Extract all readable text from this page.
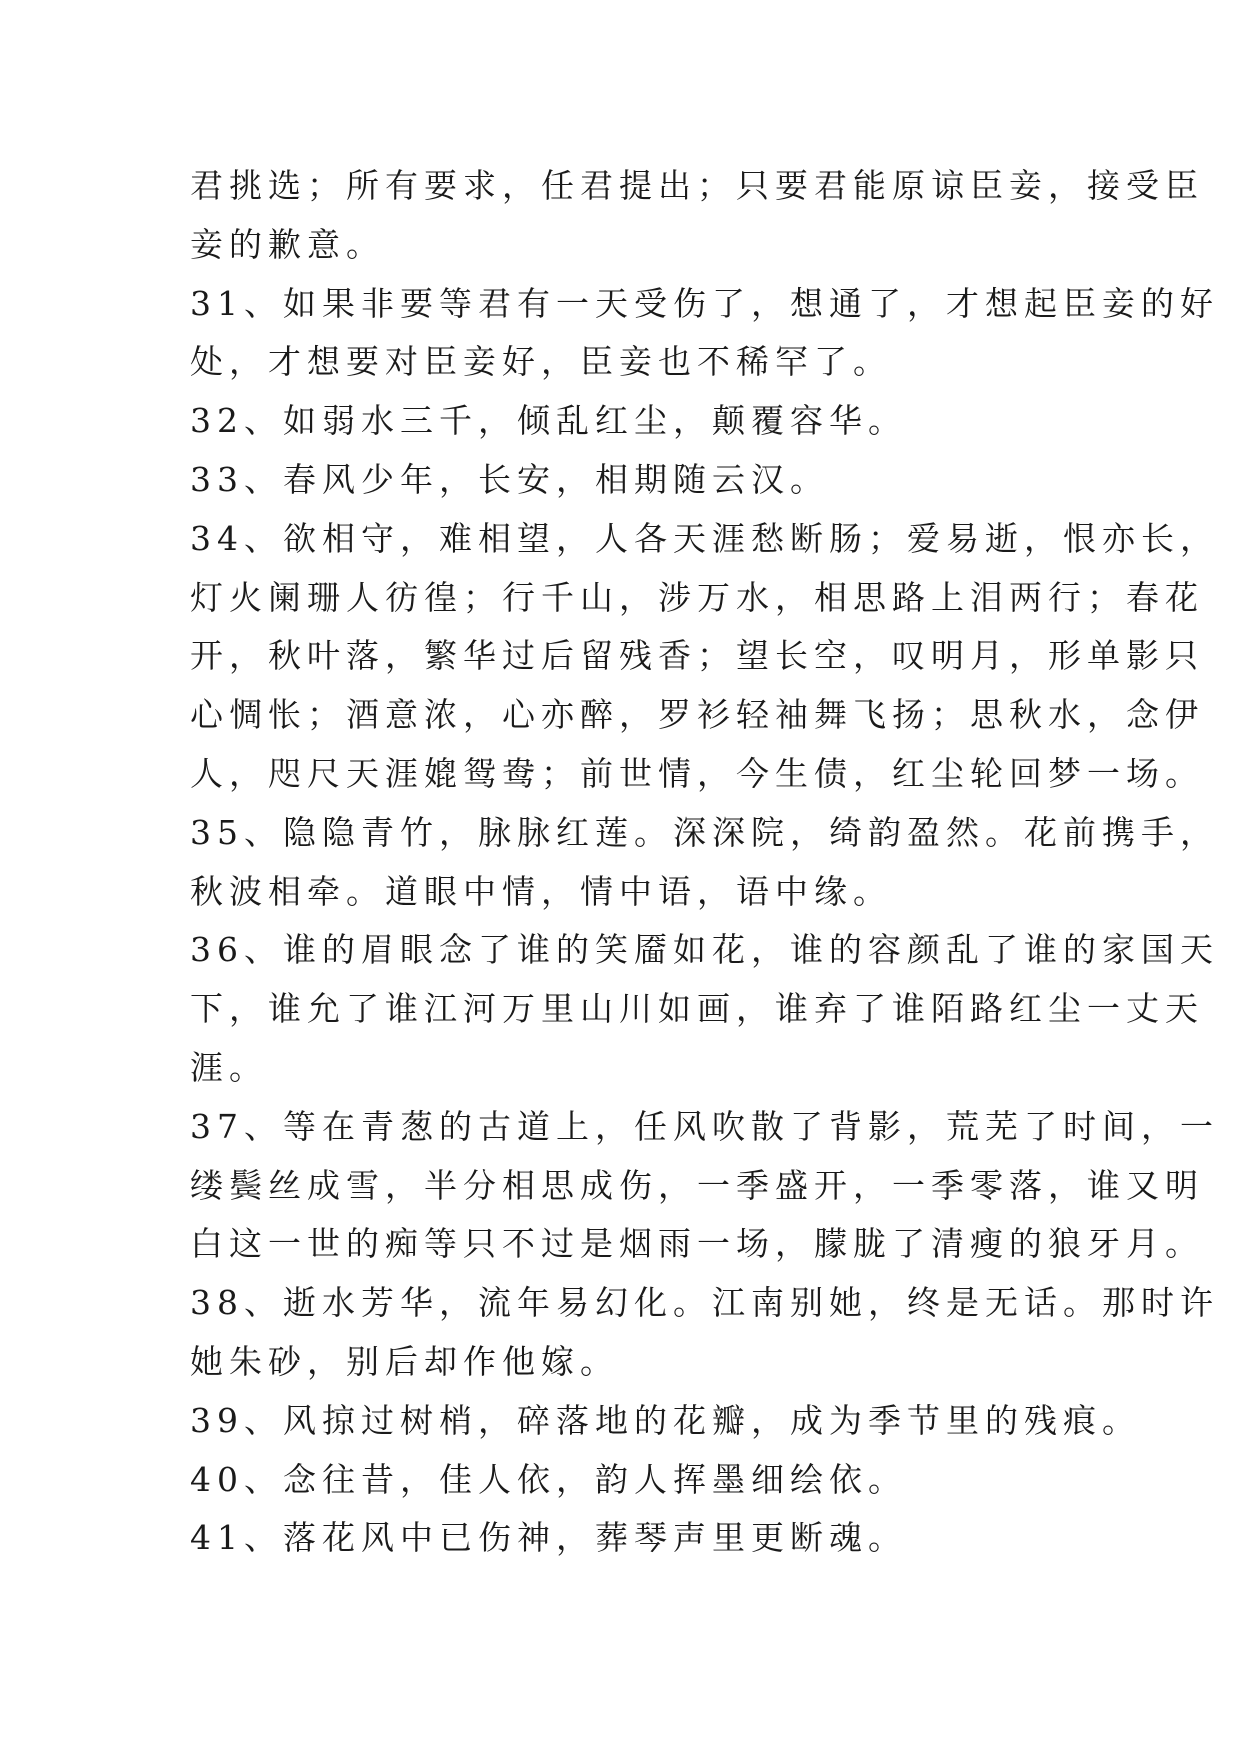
君挑选；所有要求，任君提出；只要君能原谅臣妾，接受臣
妾的歉意。
31、如果非要等君有一天受伤了，想通了，才想起臣妾的好
处，才想要对臣妾好，臣妾也不稀罕了。
32、如弱水三千，倾乱红尘，颠覆容华。
33、春风少年，长安，相期随云汉。
34、欲相守，难相望，人各天涯愁断肠；爱易逝，恨亦长，
灯火阑珊人彷徨；行千山，涉万水，相思路上泪两行；春花
开，秋叶落，繁华过后留残香；望长空，叹明月，形单影只
心惆怅；酒意浓，心亦醉，罗衫轻袖舞飞扬；思秋水，念伊
人，咫尺天涯媲鸳鸯；前世情，今生债，红尘轮回梦一场。
35、隐隐青竹，脉脉红莲。深深院，绮韵盈然。花前携手，
秋波相牵。道眼中情，情中语，语中缘。
36、谁的眉眼念了谁的笑靥如花，谁的容颜乱了谁的家国天
下，谁允了谁江河万里山川如画，谁弃了谁陌路红尘一丈天
涯。
37、等在青葱的古道上，任风吹散了背影，荒芜了时间，一
缕鬓丝成雪，半分相思成伤，一季盛开，一季零落，谁又明
白这一世的痴等只不过是烟雨一场，朦胧了清瘦的狼牙月。
38、逝水芳华，流年易幻化。江南别她，终是无话。那时许
她朱砂，别后却作他嫁。
39、风掠过树梢，碎落地的花瓣，成为季节里的残痕。
40、念往昔，佳人依，韵人挥墨细绘依。
41、落花风中已伤神，葬琴声里更断魂。
